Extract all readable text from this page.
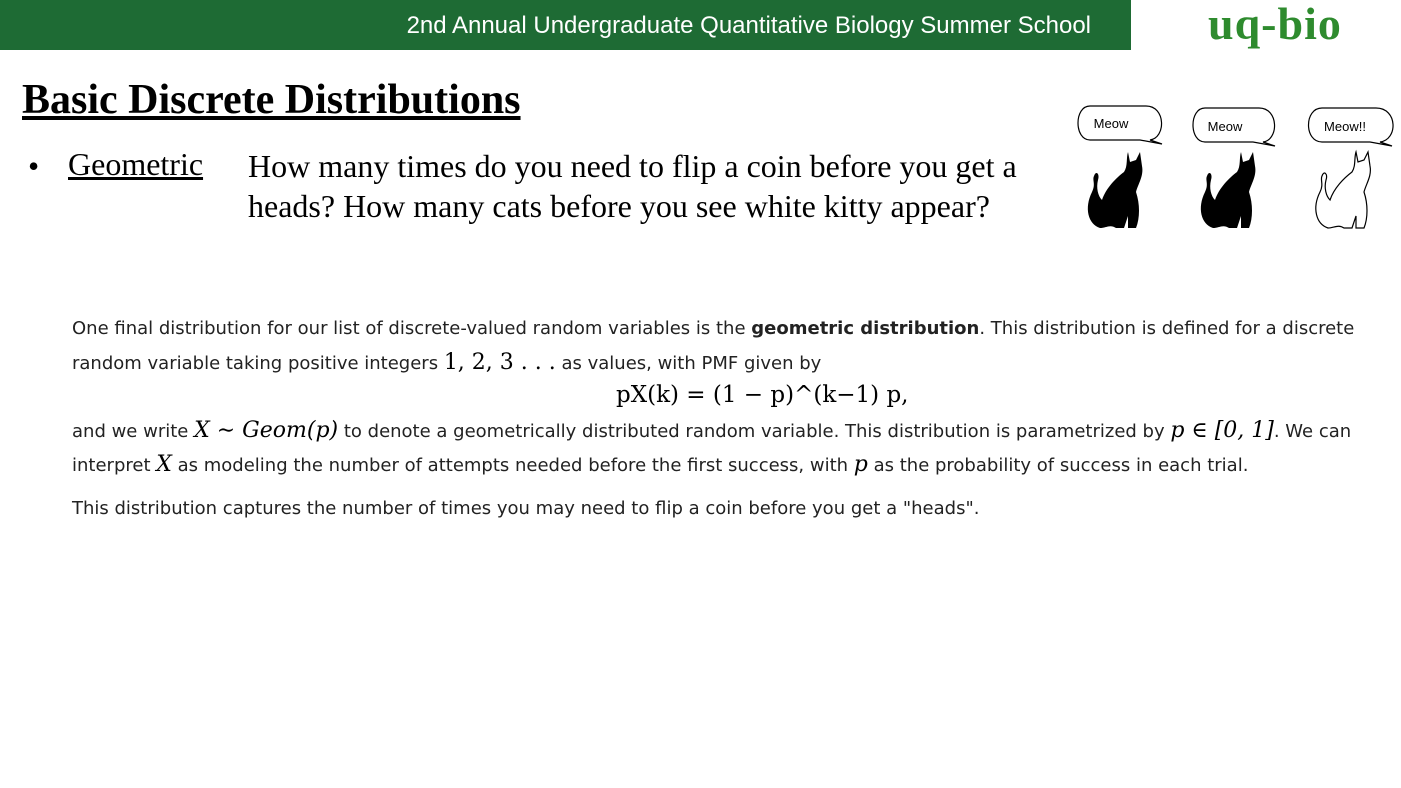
2nd Annual Undergraduate Quantitative Biology Summer School	uq-bio
Basic Discrete Distributions
• Geometric How many times do you need to flip a coin before you get a heads? How many cats before you see white kitty appear?
Meow	Meow	Meow!!
One final distribution for our list of discrete-valued random variables is the geometric distribution. This distribution is defined for a discrete
random variable taking positive integers 1, 2, 3 . . . as values, with PMF given by
pX(k) = (1 − p)^(k−1) p,
and we write X ∼ Geom(p) to denote a geometrically distributed random variable. This distribution is parametrized by p ∈ [0, 1]. We can
interpret X as modeling the number of attempts needed before the first success, with p as the probability of success in each trial.
This distribution captures the number of times you may need to flip a coin before you get a "heads".
